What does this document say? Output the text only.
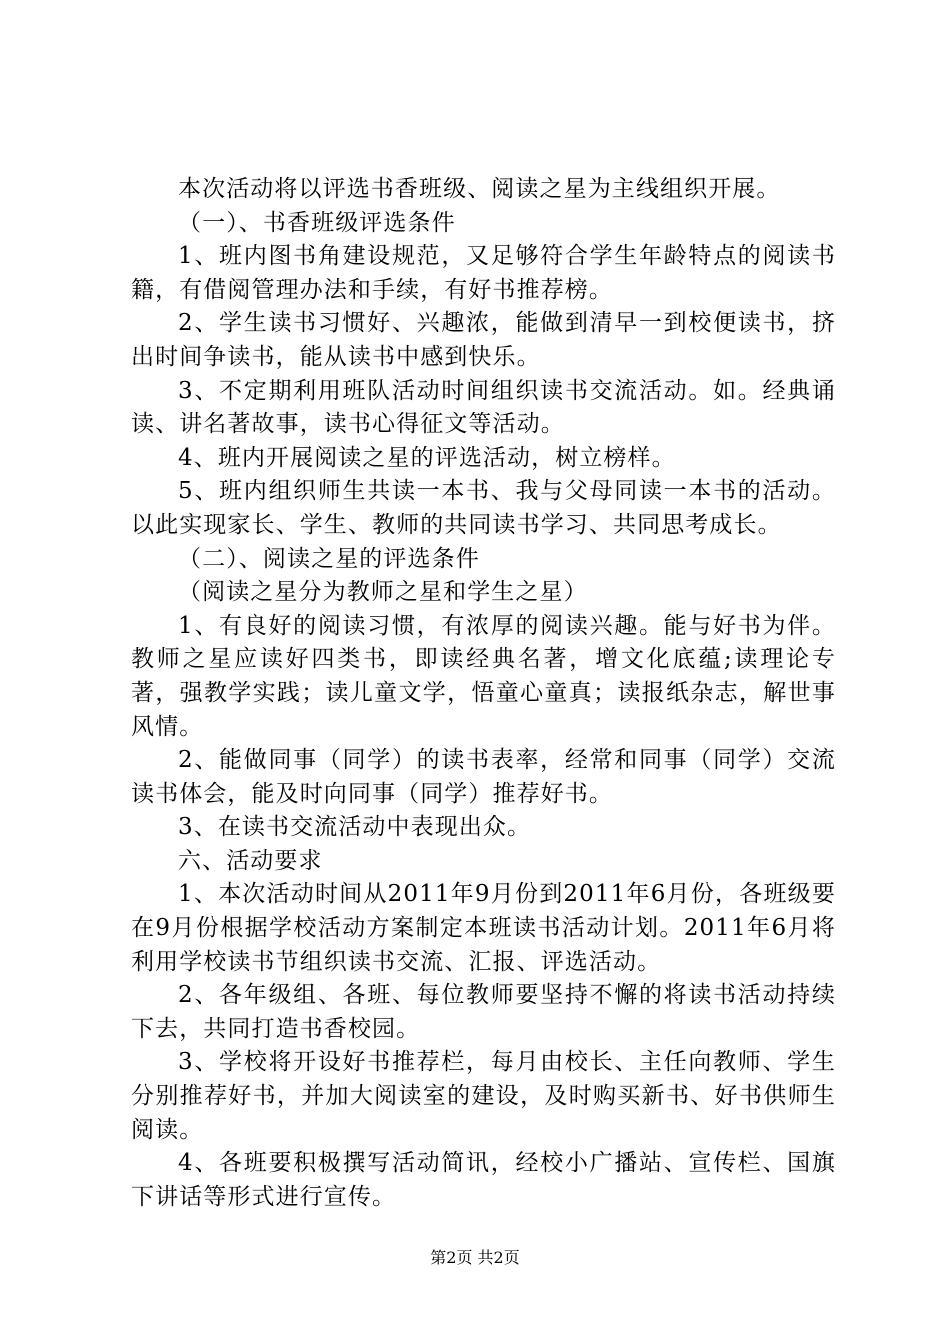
本次活动将以评选书香班级、阅读之星为主线组织开展。

（一）、书香班级评选条件

1、班内图书角建设规范，又足够符合学生年龄特点的阅读书籍，有借阅管理办法和手续，有好书推荐榜。

2、学生读书习惯好、兴趣浓，能做到清早一到校便读书，挤出时间争读书，能从读书中感到快乐。

3、不定期利用班队活动时间组织读书交流活动。如。经典诵读、讲名著故事，读书心得征文等活动。

4、班内开展阅读之星的评选活动，树立榜样。

5、班内组织师生共读一本书、我与父母同读一本书的活动。以此实现家长、学生、教师的共同读书学习、共同思考成长。

（二）、阅读之星的评选条件

（阅读之星分为教师之星和学生之星）

1、有良好的阅读习惯，有浓厚的阅读兴趣。能与好书为伴。教师之星应读好四类书，即读经典名著，增文化底蕴;读理论专著，强教学实践；读儿童文学，悟童心童真；读报纸杂志，解世事风情。

2、能做同事（同学）的读书表率，经常和同事（同学）交流读书体会，能及时向同事（同学）推荐好书。

3、在读书交流活动中表现出众。

六、活动要求

1、本次活动时间从2011年9月份到2011年6月份，各班级要在9月份根据学校活动方案制定本班读书活动计划。2011年6月将利用学校读书节组织读书交流、汇报、评选活动。

2、各年级组、各班、每位教师要坚持不懈的将读书活动持续下去，共同打造书香校园。

3、学校将开设好书推荐栏，每月由校长、主任向教师、学生分别推荐好书，并加大阅读室的建设，及时购买新书、好书供师生阅读。

4、各班要积极撰写活动简讯，经校小广播站、宣传栏、国旗下讲话等形式进行宣传。

第2页 共2页
